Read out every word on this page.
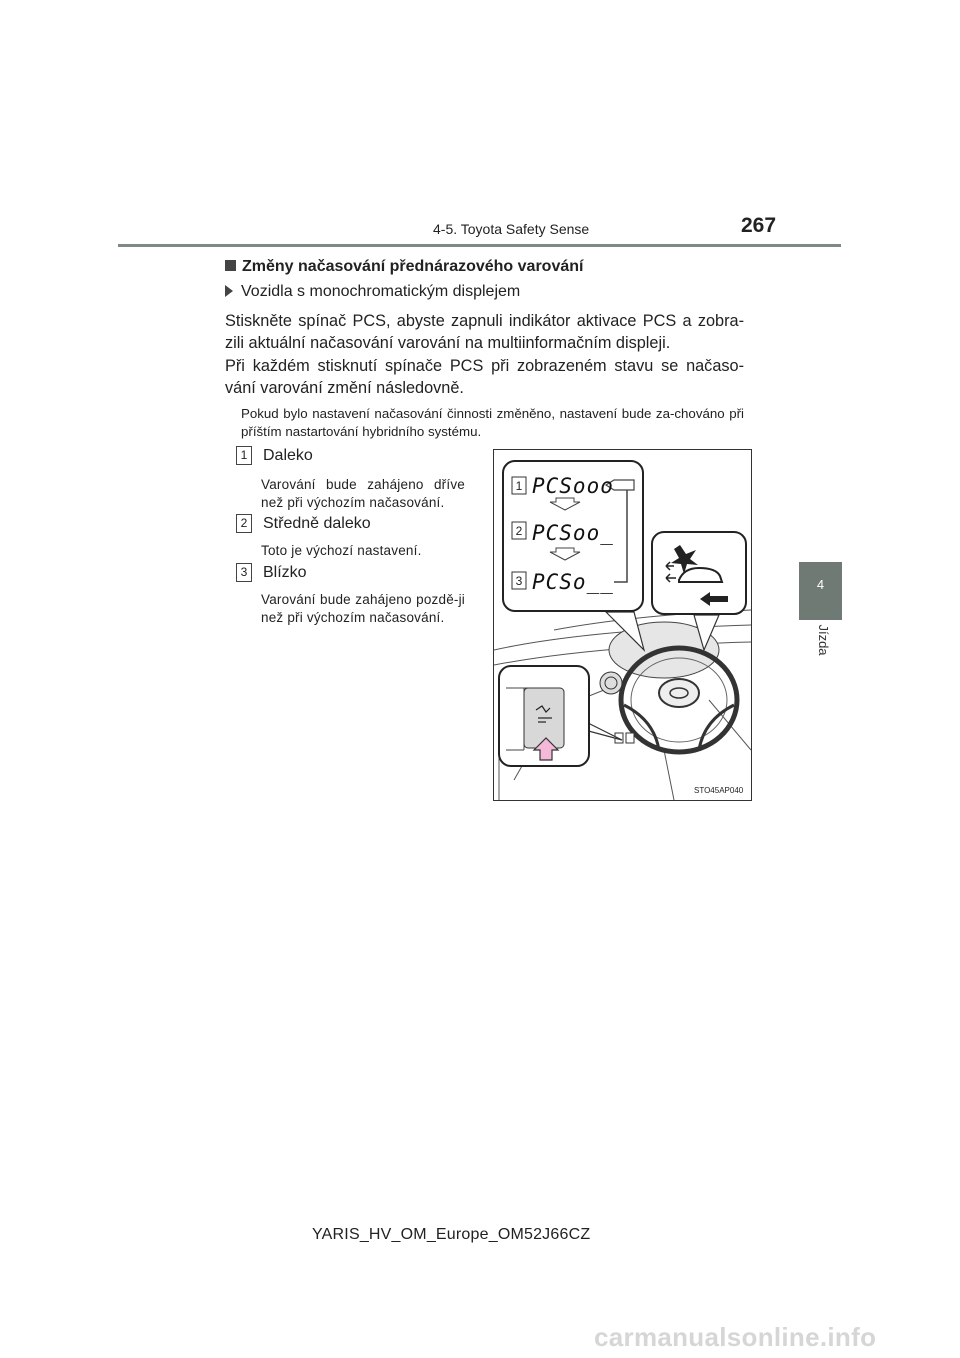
4-5. Toyota Safety Sense	267
4
Jízda
Změny načasování přednárazového varování
Vozidla s monochromatickým displejem
Stiskněte spínač PCS, abyste zapnuli indikátor aktivace PCS a zobra-zili aktuální načasování varování na multiinformačním displeji.
Při každém stisknutí spínače PCS při zobrazeném stavu se načaso-vání varování změní následovně.
Pokud bylo nastavení načasování činnosti změněno, nastavení bude za-chováno při příštím nastartování hybridního systému.
1 Daleko
Varování bude zahájeno dříve než při výchozím načasování.
2 Středně daleko
Toto je výchozí nastavení.
3 Blízko
Varování bude zahájeno pozdě-ji než při výchozím načasování.
1
2
3
PCSooo
PCSoo_
PCSo__
STO45AP040
YARIS_HV_OM_Europe_OM52J66CZ
carmanualsonline.info
